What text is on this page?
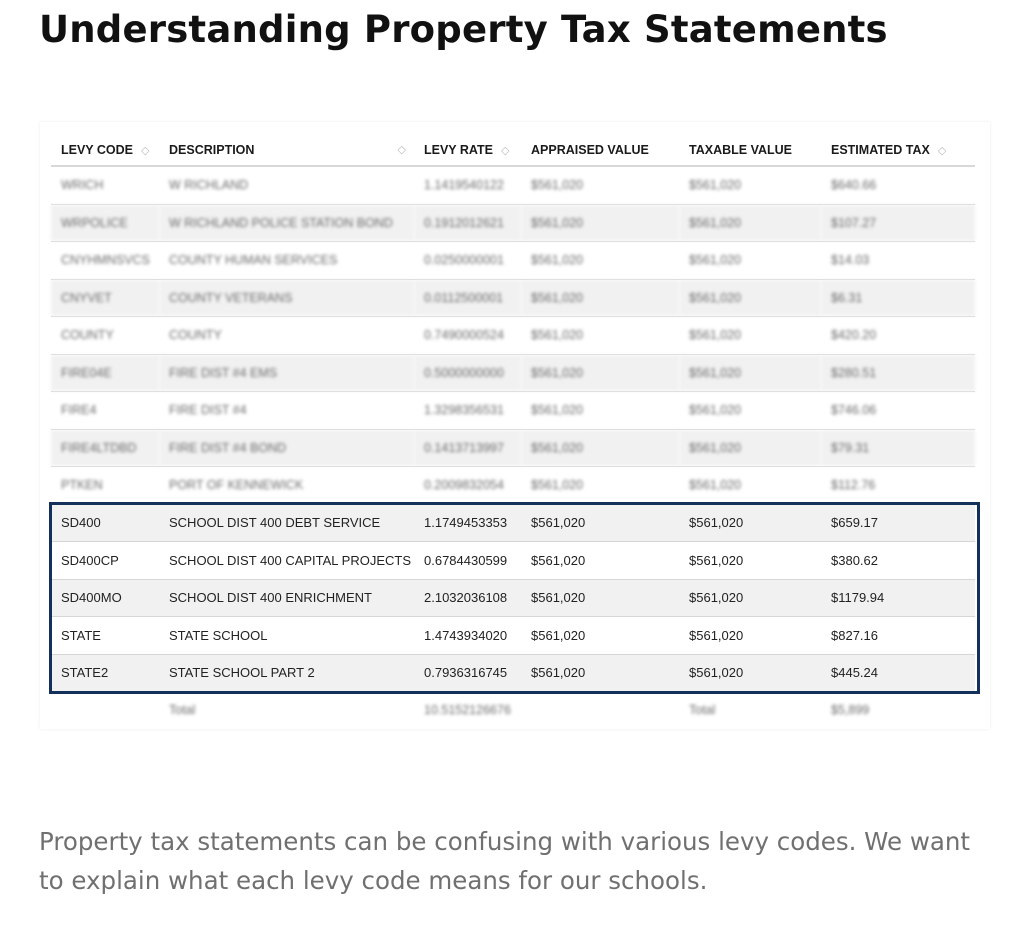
Understanding Property Tax Statements
LEVY CODE ◇	DESCRIPTION ◇	LEVY RATE ◇	APPRAISED VALUE	TAXABLE VALUE	ESTIMATED TAX ◇
WRICH	W RICHLAND	1.1419540122	$561,020	$561,020	$640.66
WRPOLICE	W RICHLAND POLICE STATION BOND	0.1912012621	$561,020	$561,020	$107.27
CNYHMNSVCS	COUNTY HUMAN SERVICES	0.0250000001	$561,020	$561,020	$14.03
CNYVET	COUNTY VETERANS	0.0112500001	$561,020	$561,020	$6.31
COUNTY	COUNTY	0.7490000524	$561,020	$561,020	$420.20
FIRE04E	FIRE DIST #4 EMS	0.5000000000	$561,020	$561,020	$280.51
FIRE4	FIRE DIST #4	1.3298356531	$561,020	$561,020	$746.06
FIRE4LTDBD	FIRE DIST #4 BOND	0.1413713997	$561,020	$561,020	$79.31
PTKEN	PORT OF KENNEWICK	0.2009832054	$561,020	$561,020	$112.76
SD400	SCHOOL DIST 400 DEBT SERVICE	1.1749453353	$561,020	$561,020	$659.17
SD400CP	SCHOOL DIST 400 CAPITAL PROJECTS	0.6784430599	$561,020	$561,020	$380.62
SD400MO	SCHOOL DIST 400 ENRICHMENT	2.1032036108	$561,020	$561,020	$1179.94
STATE	STATE SCHOOL	1.4743934020	$561,020	$561,020	$827.16
STATE2	STATE SCHOOL PART 2	0.7936316745	$561,020	$561,020	$445.24
	Total	10.5152126676		Total	$5,899

Property tax statements can be confusing with various levy codes. We want to explain what each levy code means for our schools.
